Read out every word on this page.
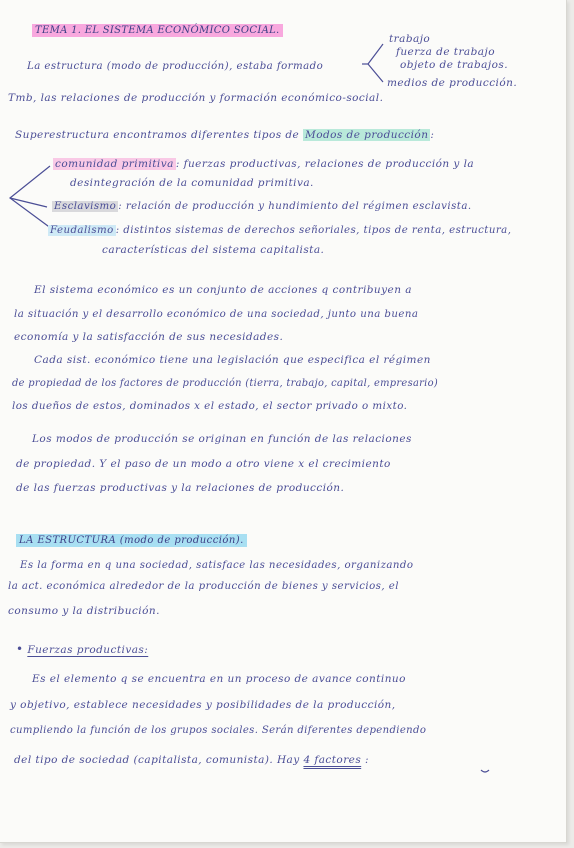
TEMA 1. EL SISTEMA ECONÓMICO SOCIAL.
La estructura (modo de producción), estaba formado
trabajo
fuerza de trabajo
objeto de trabajos.
medios de producción.
Tmb, las relaciones de producción y formación económico-social.
Superestructura encontramos diferentes tipos de Modos de producción :
comunidad primitiva : fuerzas productivas, relaciones de producción y la
desintegración de la comunidad primitiva.
Esclavismo : relación de producción y hundimiento del régimen esclavista.
Feudalismo : distintos sistemas de derechos señoriales, tipos de renta, estructura,
características del sistema capitalista.
El sistema económico es un conjunto de acciones q contribuyen a
la situación y el desarrollo económico de una sociedad, junto una buena
economía y la satisfacción de sus necesidades.
Cada sist. económico tiene una legislación que especifica el régimen
de propiedad de los factores de producción (tierra, trabajo, capital, empresario)
los dueños de estos, dominados x el estado, el sector privado o mixto.
Los modos de producción se originan en función de las relaciones
de propiedad. Y el paso de un modo a otro viene x el crecimiento
de las fuerzas productivas y la relaciones de producción.
LA ESTRUCTURA (modo de producción).
Es la forma en q una sociedad, satisface las necesidades, organizando
la act. económica alrededor de la producción de bienes y servicios, el
consumo y la distribución.
• Fuerzas productivas:
Es el elemento q se encuentra en un proceso de avance continuo
y objetivo, establece necesidades y posibilidades de la producción,
cumpliendo la función de los grupos sociales. Serán diferentes dependiendo
del tipo de sociedad (capitalista, comunista). Hay 4 factores :
